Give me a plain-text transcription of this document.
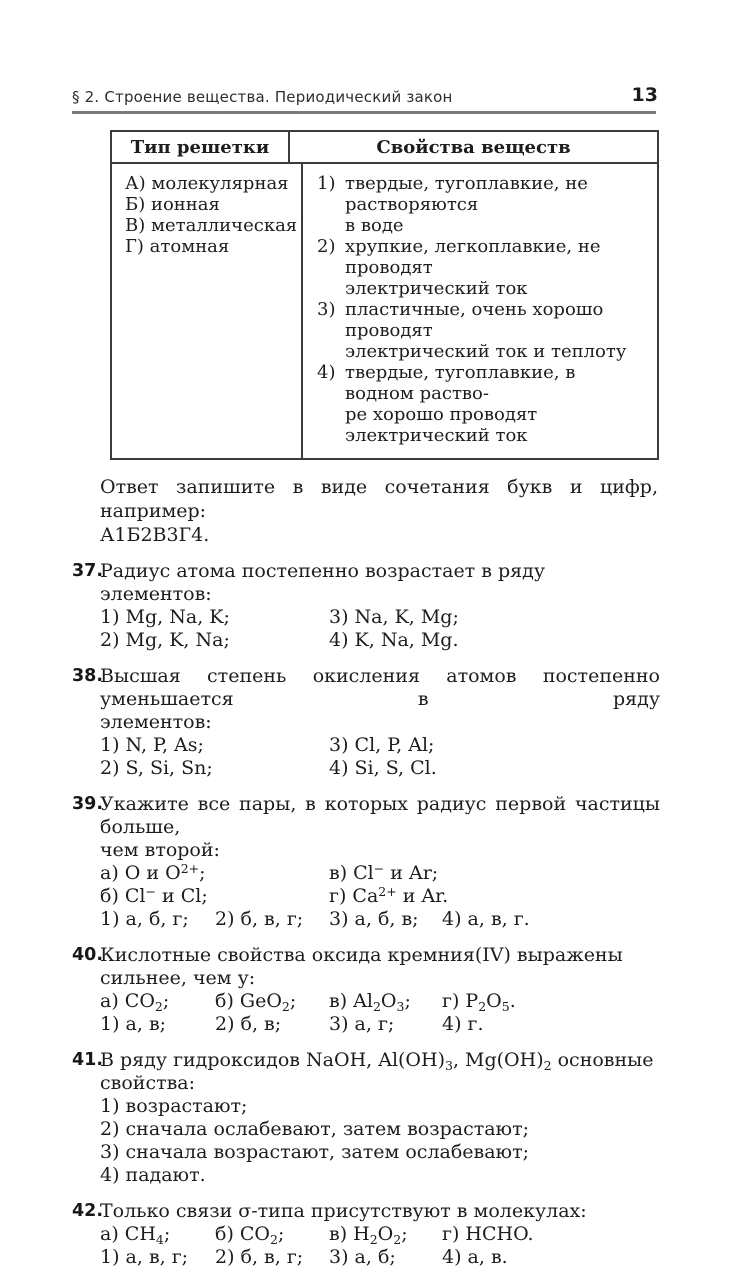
§ 2. Строение вещества. Периодический закон	13
Тип решетки	Свойства веществ
А) молекулярная
Б) ионная
В) металлическая
Г) атомная
1) твердые, тугоплавкие, не растворяются
в воде
2) хрупкие, легкоплавкие, не проводят
электрический ток
3) пластичные, очень хорошо проводят
электрический ток и теплоту
4) твердые, тугоплавкие, в водном раство-
ре хорошо проводят электрический ток
Ответ запишите в виде сочетания букв и цифр, например:
А1Б2В3Г4.
37.
Радиус атома постепенно возрастает в ряду элементов:
1) Mg, Na, K;	3) Na, K, Mg;
2) Mg, K, Na;	4) K, Na, Mg.
38.
Высшая степень окисления атомов постепенно уменьшается в ряду
элементов:
1) N, P, As;	3) Cl, P, Al;
2) S, Si, Sn;	4) Si, S, Cl.
39.
Укажите все пары, в которых радиус первой частицы больше,
чем второй:
а) O и $O^{2+}$;	в) Cl− и Ar;
б) Cl− и Cl;	г) $Ca^{2+}$ и Ar.
1) а, б, г;	2) б, в, г;	3) а, б, в;	4) а, в, г.
40.
Кислотные свойства оксида кремния(IV) выражены сильнее, чем у:
а) $CO_2$;	б) GeO$_2$;	в) $Al_2O_3$;	г) $P_2O_5$.
1) а, в;	2) б, в;	3) а, г;	4) г.
41.
В ряду гидроксидов NaOH, $Al(OH)_3$, $Mg(OH)_2$ основные свойства:
1) возрастают;
2) сначала ослабевают, затем возрастают;
3) сначала возрастают, затем ослабевают;
4) падают.
42.
Только связи σ-типа присутствуют в молекулах:
а) $CH_4$;	б) $CO_2$;	в) $H_2O_2$;	г) HCHO.
1) а, в, г;	2) б, в, г;	3) а, б;	4) а, в.
